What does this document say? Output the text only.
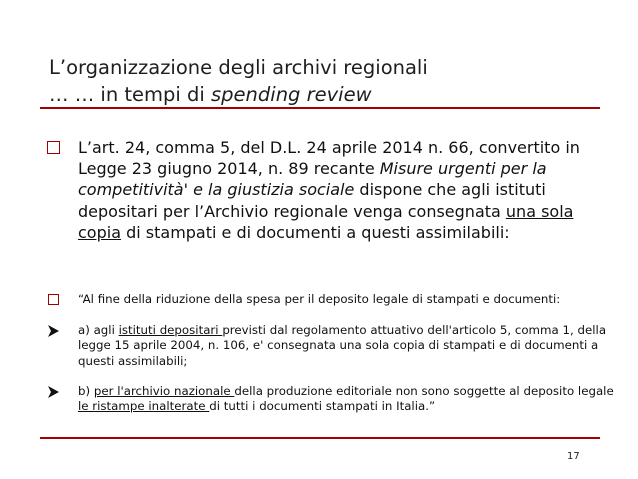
L’organizzazione degli archivi regionali
… … in tempi di spending review
L’art. 24, comma 5, del D.L. 24 aprile 2014 n. 66, convertito in Legge 23 giugno 2014, n. 89 recante Misure urgenti per la competitività' e la giustizia sociale dispone che agli istituti depositari per l’Archivio regionale venga consegnata una sola copia di stampati e di documenti a questi assimilabili:
“Al fine della riduzione della spesa per il deposito legale di stampati e documenti:
a) agli istituti depositari previsti dal regolamento attuativo dell'articolo 5, comma 1, della legge 15 aprile 2004, n. 106, e' consegnata una sola copia di stampati e di documenti a questi assimilabili;
b) per l'archivio nazionale della produzione editoriale non sono soggette al deposito legale le ristampe inalterate di tutti i documenti stampati in Italia.”
17
